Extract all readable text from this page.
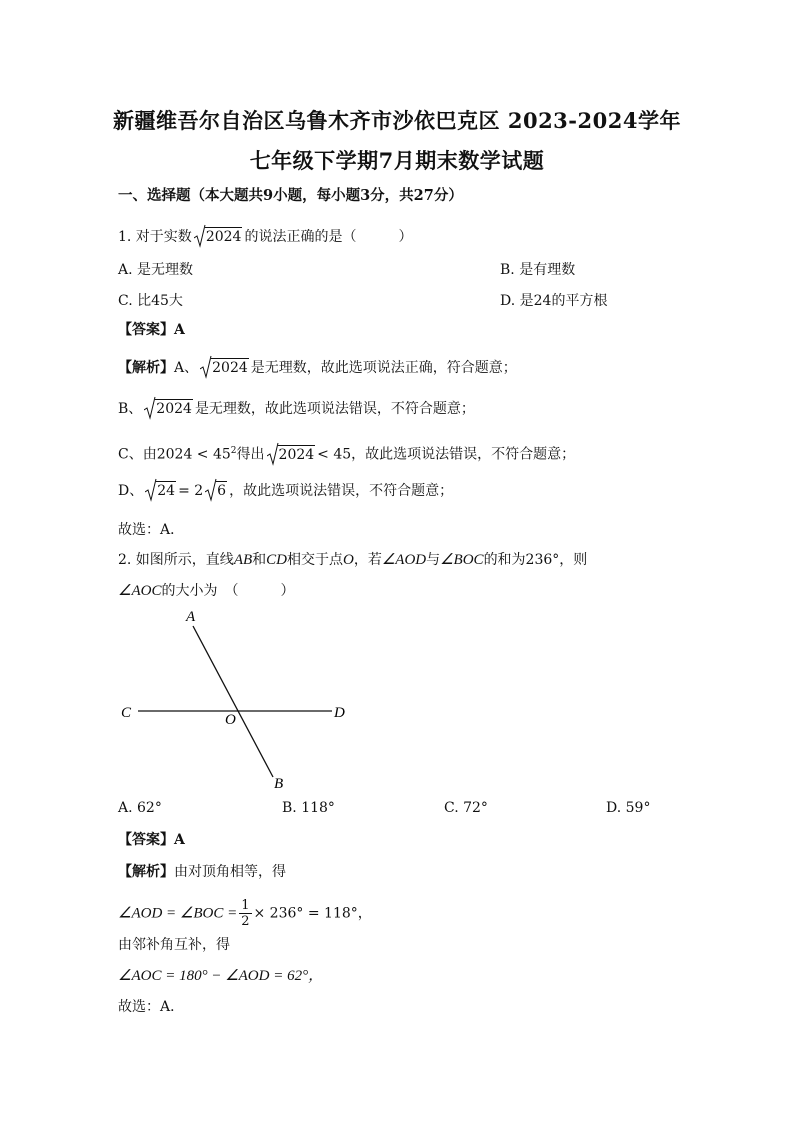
新疆维吾尔自治区乌鲁木齐市沙依巴克区 2023-2024学年
七年级下学期7月期末数学试题
一、选择题（本大题共9小题，每小题3分，共27分）
1. 对于实数 2024 的说法正确的是（　　　）
A. 是无理数	B. 是有理数
C. 比45大	D. 是24的平方根
【答案】A
【解析】A、 2024 是无理数，故此选项说法正确，符合题意；
B、 2024 是无理数，故此选项说法错误，不符合题意；
C、由$2024 < 45^2$得出 2024 < 45，故此选项说法错误，不符合题意；
D、 24 = 2 6 ，故此选项说法错误，不符合题意；
故选：A．
2. 如图所示，直线AB和CD相交于点O，若∠AOD与∠BOC的和为236°，则
∠AOC的大小为　（　　　）
A
C	D
O
B
A. 62°	B. 118°	C. 72°	D. 59°
【答案】A
【解析】由对顶角相等，得
∠AOD = ∠BOC = $\frac{1}{2} \times 236^\circ = 118^\circ$，
由邻补角互补，得
∠AOC = 180° − ∠AOD = 62°，
故选：A．
